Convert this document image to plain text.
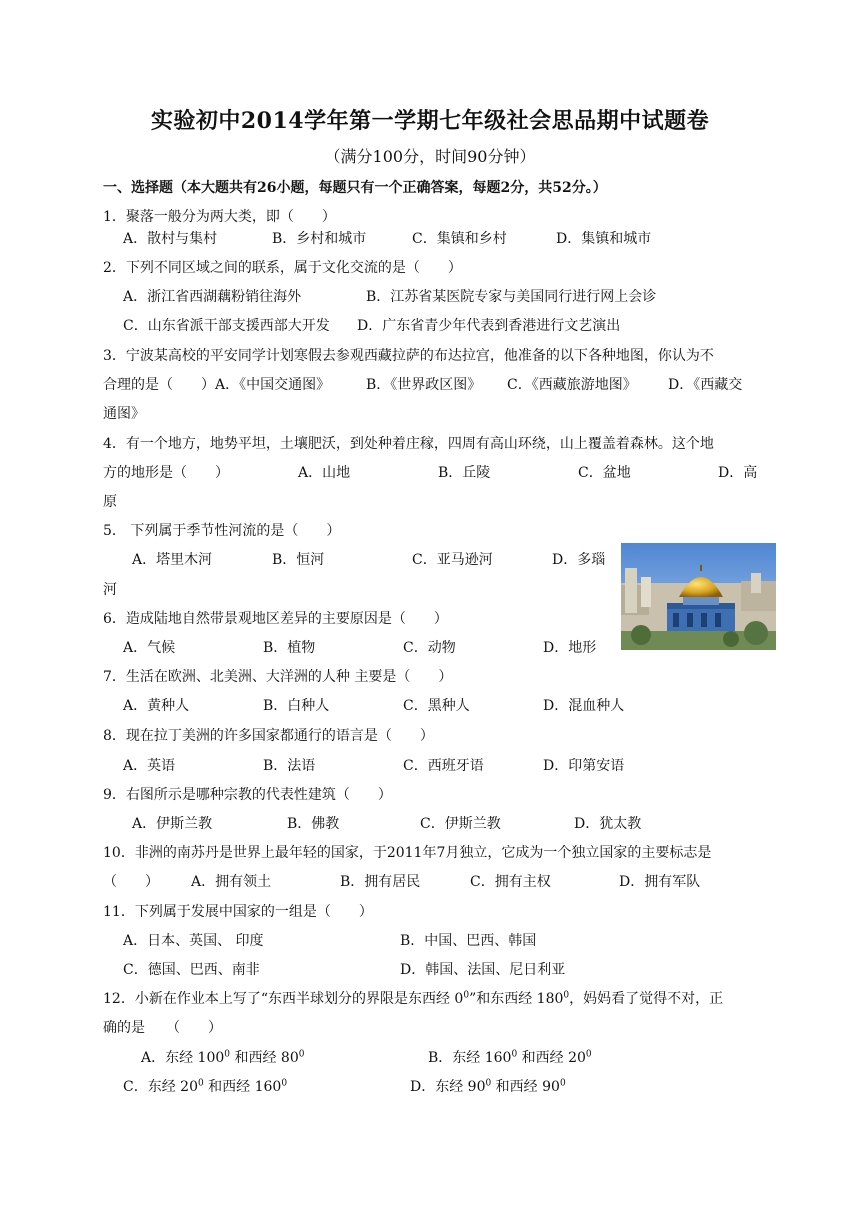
实验初中2014学年第一学期七年级社会思品期中试题卷
（满分100分，时间90分钟）
一、选择题（本大题共有26小题，每题只有一个正确答案，每题2分，共52分。）
1．聚落一般分为两大类，即（　　）
A．散村与集村	B．乡村和城市	C．集镇和乡村	D．集镇和城市
2．下列不同区域之间的联系，属于文化交流的是（　　）
A．浙江省西湖藕粉销往海外	B．江苏省某医院专家与美国同行进行网上会诊
C．山东省派干部支援西部大开发 D．广东省青少年代表到香港进行文艺演出
3．宁波某高校的平安同学计划寒假去参观西藏拉萨的布达拉宫，他准备的以下各种地图，你认为不
合理的是（　　）A．《中国交通图》	B．《世界政区图》 C．《西藏旅游地图》 D．《西藏交
通图》
4．有一个地方，地势平坦，土壤肥沃，到处种着庄稼，四周有高山环绕，山上覆盖着森林。这个地
方的地形是（　　）	A．山地	B．丘陵	C．盆地	D．高
原
5． 下列属于季节性河流的是（　　）
A．塔里木河	B．恒河	C．亚马逊河	D．多瑙
河
6．造成陆地自然带景观地区差异的主要原因是（　　）
A．气候	B．植物	C．动物	D．地形
7．生活在欧洲、北美洲、大洋洲的人种 主要是（　　）
A．黄种人	B．白种人	C．黑种人	D．混血种人
8．现在拉丁美洲的许多国家都通行的语言是（　　）
A．英语	B．法语	C．西班牙语	D．印第安语
9．右图所示是哪种宗教的代表性建筑（　　）
A．伊斯兰教	B．佛教	C．伊斯兰教	D．犹太教
10．非洲的南苏丹是世界上最年轻的国家，于2011年7月独立，它成为一个独立国家的主要标志是
（　　） A．拥有领土	B．拥有居民	C．拥有主权	D．拥有军队
11．下列属于发展中国家的一组是（　　）
A．日本、英国、 印度	B．中国、巴西、韩国
C．德国、巴西、南非	D．韩国、法国、尼日利亚
12．小新在作业本上写了“东西半球划分的界限是东西经 $0^0$”和东西经 $180^0$，妈妈看了觉得不对，正
确的是　　（　　）
A．东经 $100^0$ 和西经 $80^0$	B．东经 $160^0$ 和西经 $20^0$
C．东经 $20^0$ 和西经 $160^0$	D．东经 $90^0$ 和西经 $90^0$
